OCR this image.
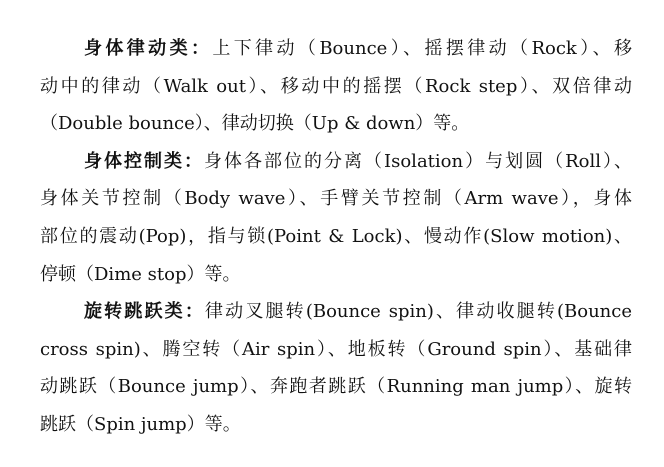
身体律动类：上下律动（Bounce）、摇摆律动（Rock）、移
动中的律动（Walk out）、移动中的摇摆（Rock step）、双倍律动
（Double bounce）、律动切换（Up & down）等。
身体控制类：身体各部位的分离（Isolation）与划圆（Roll）、
身体关节控制（Body wave）、手臂关节控制（Arm wave），身体
部位的震动(Pop)，指与锁(Point & Lock)、慢动作(Slow motion)、
停顿（Dime stop）等。
旋转跳跃类：律动叉腿转(Bounce spin)、律动收腿转(Bounce
cross spin)、腾空转（Air spin）、地板转（Ground spin）、基础律
动跳跃（Bounce jump）、奔跑者跳跃（Running man jump）、旋转
跳跃（Spin jump）等。
